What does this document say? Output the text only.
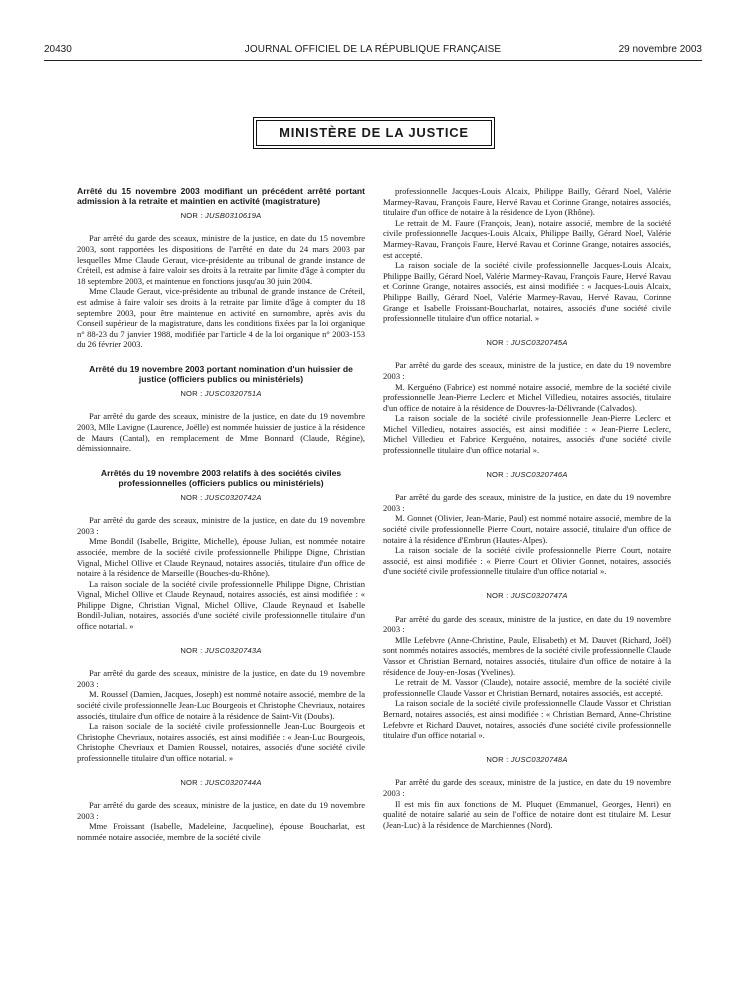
20430	JOURNAL OFFICIEL DE LA RÉPUBLIQUE FRANÇAISE	29 novembre 2003
MINISTÈRE DE LA JUSTICE
Arrêté du 15 novembre 2003 modifiant un précédent arrêté portant admission à la retraite et maintien en activité (magistrature)
NOR : JUSB0310619A

Par arrêté du garde des sceaux, ministre de la justice, en date du 15 novembre 2003, sont rapportées les dispositions de l'arrêté en date du 24 mars 2003 par lesquelles Mme Claude Geraut, vice-présidente au tribunal de grande instance de Créteil, est admise à faire valoir ses droits à la retraite par limite d'âge à compter du 18 septembre 2003, et maintenue en fonctions jusqu'au 30 juin 2004.

Mme Claude Geraut, vice-présidente au tribunal de grande instance de Créteil, est admise à faire valoir ses droits à la retraite par limite d'âge à compter du 18 septembre 2003, pour être maintenue en activité en surnombre, après avis du Conseil supérieur de la magistrature, dans les conditions fixées par la loi organique n° 88-23 du 7 janvier 1988, modifiée par l'article 4 de la loi organique n° 2003-153 du 26 février 2003.

Arrêté du 19 novembre 2003 portant nomination d'un huissier de justice (officiers publics ou ministériels)
NOR : JUSC0320751A

Par arrêté du garde des sceaux, ministre de la justice, en date du 19 novembre 2003, Mlle Lavigne (Laurence, Joëlle) est nommée huissier de justice à la résidence de Maurs (Cantal), en remplacement de Mme Bonnard (Claude, Régine), démissionnaire.

Arrêtés du 19 novembre 2003 relatifs à des sociétés civiles professionnelles (officiers publics ou ministériels)
NOR : JUSC0320742A

Par arrêté du garde des sceaux, ministre de la justice, en date du 19 novembre 2003 :

Mme Bondil (Isabelle, Brigitte, Michelle), épouse Julian, est nommée notaire associée, membre de la société civile professionnelle Philippe Digne, Christian Vignal, Michel Ollive et Claude Reynaud, notaires associés, titulaire d'un office de notaire à la résidence de Marseille (Bouches-du-Rhône).

La raison sociale de la société civile professionnelle Philippe Digne, Christian Vignal, Michel Ollive et Claude Reynaud, notaires associés, est ainsi modifiée : « Philippe Digne, Christian Vignal, Michel Ollive, Claude Reynaud et Isabelle Bondil-Julian, notaires, associés d'une société civile professionnelle titulaire d'un office notarial. »

NOR : JUSC0320743A

Par arrêté du garde des sceaux, ministre de la justice, en date du 19 novembre 2003 :

M. Roussel (Damien, Jacques, Joseph) est nommé notaire associé, membre de la société civile professionnelle Jean-Luc Bourgeois et Christophe Chevriaux, notaires associés, titulaire d'un office de notaire à la résidence de Saint-Vit (Doubs).

La raison sociale de la société civile professionnelle Jean-Luc Bourgeois et Christophe Chevriaux, notaires associés, est ainsi modifiée : « Jean-Luc Bourgeois, Christophe Chevriaux et Damien Roussel, notaires, associés d'une société civile professionnelle titulaire d'un office notarial. »

NOR : JUSC0320744A

Par arrêté du garde des sceaux, ministre de la justice, en date du 19 novembre 2003 :

Mme Froissant (Isabelle, Madeleine, Jacqueline), épouse Boucharlat, est nommée notaire associée, membre de la société civile

professionnelle Jacques-Louis Alcaix, Philippe Bailly, Gérard Noel, Valérie Marmey-Ravau, François Faure, Hervé Ravau et Corinne Grange, notaires associés, titulaire d'un office de notaire à la résidence de Lyon (Rhône).

Le retrait de M. Faure (François, Jean), notaire associé, membre de la société civile professionnelle Jacques-Louis Alcaix, Philippe Bailly, Gérard Noel, Valérie Marmey-Ravau, François Faure, Hervé Ravau et Corinne Grange, notaires associés, est accepté.

La raison sociale de la société civile professionnelle Jacques-Louis Alcaix, Philippe Bailly, Gérard Noel, Valérie Marmey-Ravau, François Faure, Hervé Ravau et Corinne Grange, notaires associés, est ainsi modifiée : « Jacques-Louis Alcaix, Philippe Bailly, Gérard Noel, Valérie Marmey-Ravau, Hervé Ravau, Corinne Grange et Isabelle Froissant-Boucharlat, notaires, associés d'une société civile professionnelle titulaire d'un office notarial. »

NOR : JUSC0320745A

Par arrêté du garde des sceaux, ministre de la justice, en date du 19 novembre 2003 :

M. Kerguéno (Fabrice) est nommé notaire associé, membre de la société civile professionnelle Jean-Pierre Leclerc et Michel Villedieu, notaires associés, titulaire d'un office de notaire à la résidence de Douvres-la-Délivrande (Calvados).

La raison sociale de la société civile professionnelle Jean-Pierre Leclerc et Michel Villedieu, notaires associés, est ainsi modifiée : « Jean-Pierre Leclerc, Michel Villedieu et Fabrice Kerguéno, notaires, associés d'une société civile professionnelle titulaire d'un office notarial ».

NOR : JUSC0320746A

Par arrêté du garde des sceaux, ministre de la justice, en date du 19 novembre 2003 :

M. Gonnet (Olivier, Jean-Marie, Paul) est nommé notaire associé, membre de la société civile professionnelle Pierre Court, notaire associé, titulaire d'un office de notaire à la résidence d'Embrun (Hautes-Alpes).

La raison sociale de la société civile professionnelle Pierre Court, notaire associé, est ainsi modifiée : « Pierre Court et Olivier Gonnet, notaires, associés d'une société civile professionnelle titulaire d'un office notarial ».

NOR : JUSC0320747A

Par arrêté du garde des sceaux, ministre de la justice, en date du 19 novembre 2003 :

Mlle Lefebvre (Anne-Christine, Paule, Elisabeth) et M. Dauvet (Richard, Joël) sont nommés notaires associés, membres de la société civile professionnelle Claude Vassor et Christian Bernard, notaires associés, titulaire d'un office de notaire à la résidence de Jouy-en-Josas (Yvelines).

Le retrait de M. Vassor (Claude), notaire associé, membre de la société civile professionnelle Claude Vassor et Christian Bernard, notaires associés, est accepté.

La raison sociale de la société civile professionnelle Claude Vassor et Christian Bernard, notaires associés, est ainsi modifiée : « Christian Bernard, Anne-Christine Lefebvre et Richard Dauvet, notaires, associés d'une société civile professionnelle titulaire d'un office notarial ».

NOR : JUSC0320748A

Par arrêté du garde des sceaux, ministre de la justice, en date du 19 novembre 2003 :

Il est mis fin aux fonctions de M. Pluquet (Emmanuel, Georges, Henri) en qualité de notaire salarié au sein de l'office de notaire dont est titulaire M. Lesur (Jean-Luc) à la résidence de Marchiennes (Nord).
